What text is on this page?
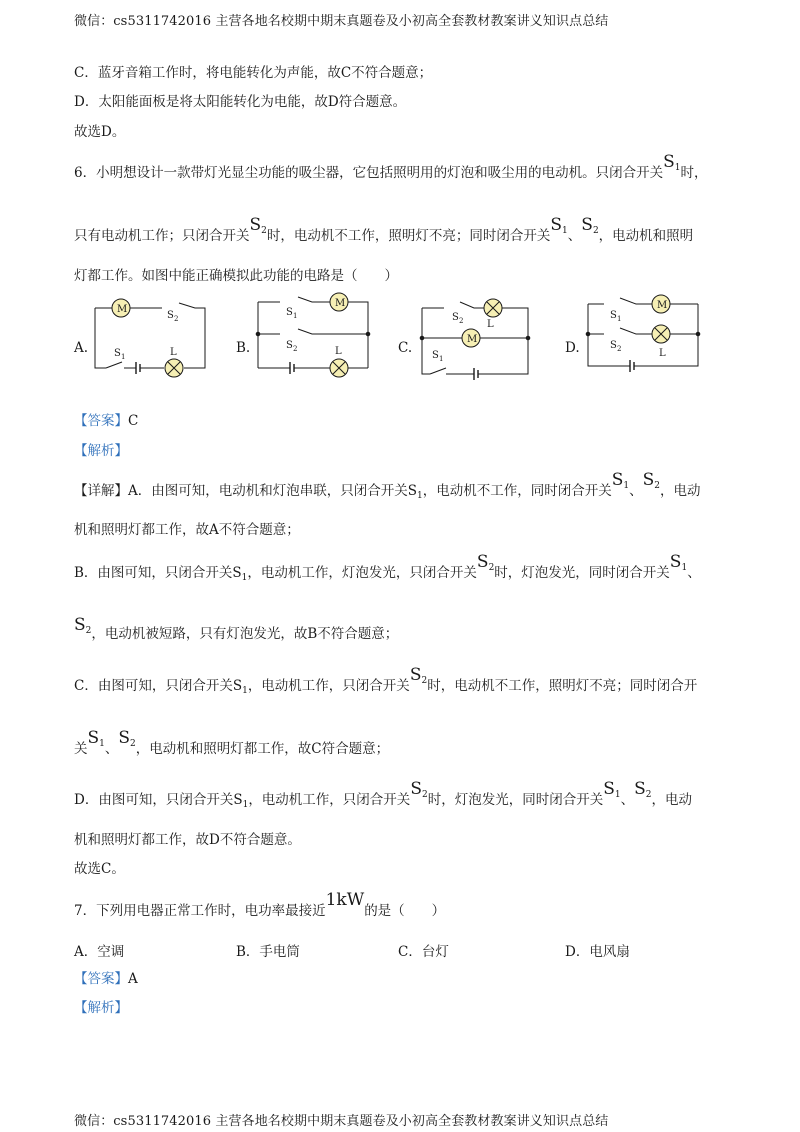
微信：cs5311742016 主营各地名校期中期末真题卷及小初高全套教材教案讲义知识点总结
C．蓝牙音箱工作时，将电能转化为声能，故C不符合题意；
D．太阳能面板是将太阳能转化为电能，故D符合题意。
故选D。
6．小明想设计一款带灯光显尘功能的吸尘器，它包括照明用的灯泡和吸尘用的电动机。只闭合开关$S_1$时，
只有电动机工作；只闭合开关$S_2$时，电动机不工作，照明灯不亮；同时闭合开关$S_1$、$S_2$，电动机和照明
灯都工作。如图中能正确模拟此功能的电路是（　　）
M
S 2
S 1	L
M
S 1
S 2	L
S 2 L
M
S 1
M
S 1
S 2	L
A.	B.	C.	D.
【答案】C
【解析】
【详解】A．由图可知，电动机和灯泡串联，只闭合开关$S_1$，电动机不工作，同时闭合开关$S_1$、$S_2$，电动
机和照明灯都工作，故A不符合题意；
B．由图可知，只闭合开关$S_1$，电动机工作，灯泡发光，只闭合开关$S_2$时，灯泡发光，同时闭合开关$S_1$、
$S_2$，电动机被短路，只有灯泡发光，故B不符合题意；
C．由图可知，只闭合开关$S_1$，电动机工作，只闭合开关$S_2$时，电动机不工作，照明灯不亮；同时闭合开
关$S_1$、$S_2$，电动机和照明灯都工作，故C符合题意；
D．由图可知，只闭合开关$S_1$，电动机工作，只闭合开关$S_2$时，灯泡发光，同时闭合开关$S_1$、$S_2$，电动
机和照明灯都工作，故D不符合题意。
故选C。
7．下列用电器正常工作时，电功率最接近1kW的是（　　）
A．空调	B．手电筒	C．台灯	D．电风扇
【答案】A
【解析】
微信：cs5311742016 主营各地名校期中期末真题卷及小初高全套教材教案讲义知识点总结
